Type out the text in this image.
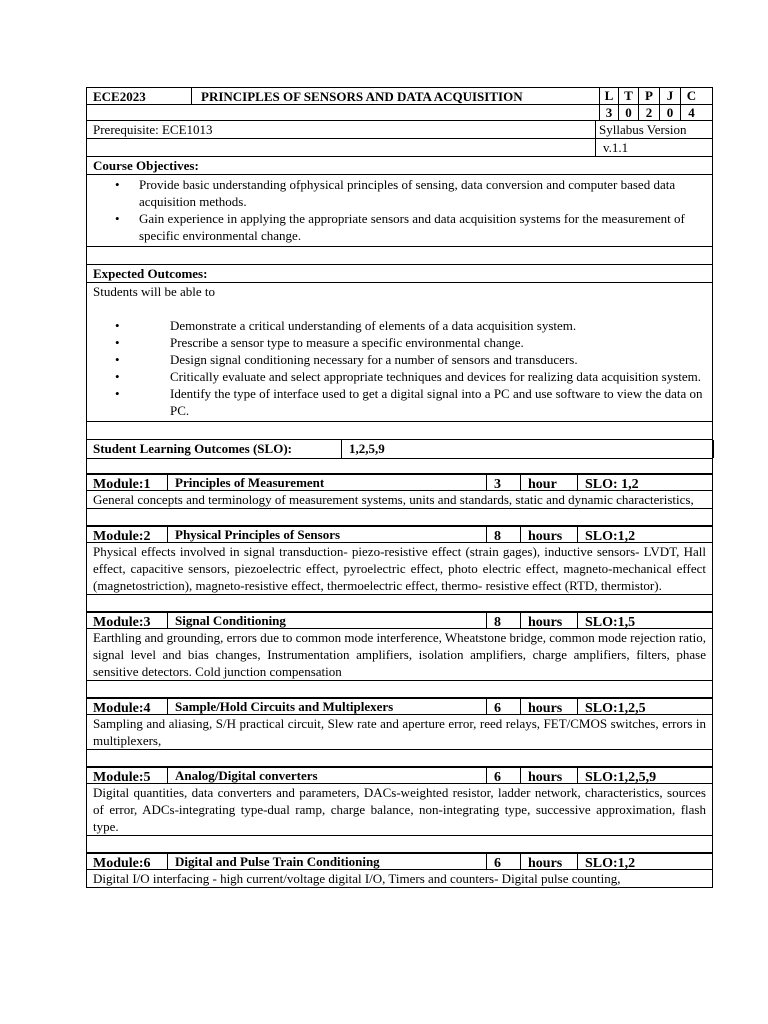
ECE2023	PRINCIPLES OF SENSORS AND DATA ACQUISITION	L T P	J	C
3	0	2	0	4
Prerequisite: ECE1013	Syllabus Version
v.1.1
Course Objectives:
• Provide basic understanding ofphysical principles of sensing, data conversion and computer based data acquisition methods.
• Gain experience in applying the appropriate sensors and data acquisition systems for the measurement of specific environmental change.
Expected Outcomes:
Students will be able to
•	Demonstrate a critical understanding of elements of a data acquisition system.
•	Prescribe a sensor type to measure a specific environmental change.
•	Design signal conditioning necessary for a number of sensors and transducers.
•	Critically evaluate and select appropriate techniques and devices for realizing data acquisition system.
•	Identify the type of interface used to get a digital signal into a PC and use software to view the data on PC.
Student Learning Outcomes (SLO):	1,2,5,9
Module:1 Principles of Measurement	3 hour SLO: 1,2
General concepts and terminology of measurement systems, units and standards, static and dynamic characteristics,
Module:2 Physical Principles of Sensors	8 hours SLO:1,2
Physical effects involved in signal transduction- piezo-resistive effect (strain gages), inductive sensors- LVDT, Hall effect, capacitive sensors, piezoelectric effect, pyroelectric effect, photo electric effect, magneto-mechanical effect (magnetostriction), magneto-resistive effect, thermoelectric effect, thermo- resistive effect (RTD, thermistor).
Module:3 Signal Conditioning	8 hours SLO:1,5
Earthling and grounding, errors due to common mode interference, Wheatstone bridge, common mode rejection ratio, signal level and bias changes, Instrumentation amplifiers, isolation amplifiers, charge amplifiers, filters, phase sensitive detectors. Cold junction compensation
Module:4 Sample/Hold Circuits and Multiplexers	6 hours SLO:1,2,5
Sampling and aliasing, S/H practical circuit, Slew rate and aperture error, reed relays, FET/CMOS switches, errors in multiplexers,
Module:5 Analog/Digital converters	6 hours SLO:1,2,5,9
Digital quantities, data converters and parameters, DACs-weighted resistor, ladder network, characteristics, sources of error, ADCs-integrating type-dual ramp, charge balance, non-integrating type, successive approximation, flash type.
Module:6 Digital and Pulse Train Conditioning	6 hours SLO:1,2
Digital I/O interfacing - high current/voltage digital I/O, Timers and counters- Digital pulse counting,
